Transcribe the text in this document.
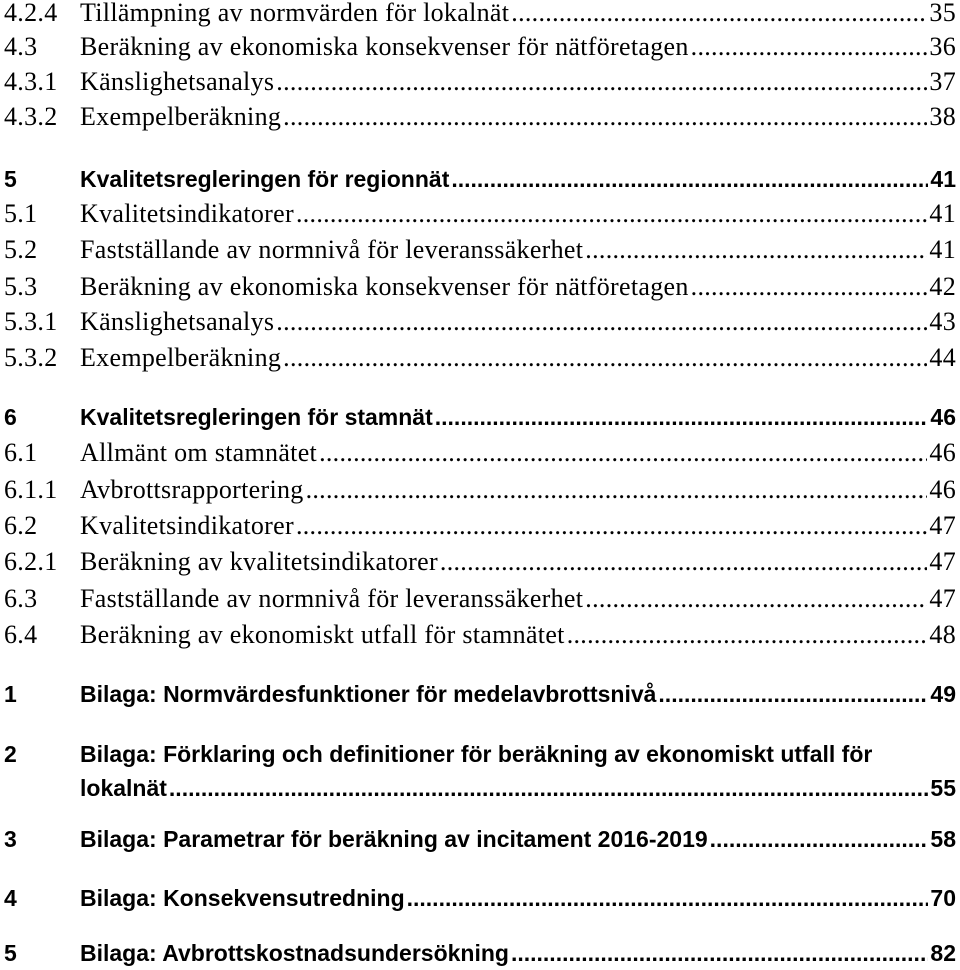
4.2.4 Tillämpning av normvärden för lokalnät .....	35
4.3 Beräkning av ekonomiska konsekvenser för nätföretagen .....	36
4.3.1 Känslighetsanalys .....	37
4.3.2 Exempelberäkning .....	38
5	Kvalitetsregleringen för regionnät .....	41
5.1 Kvalitetsindikatorer .....	41
5.2 Fastställande av normnivå för leveranssäkerhet .....	41
5.3 Beräkning av ekonomiska konsekvenser för nätföretagen .....	42
5.3.1 Känslighetsanalys .....	43
5.3.2 Exempelberäkning .....	44
6	Kvalitetsregleringen för stamnät .....	46
6.1 Allmänt om stamnätet .....	46
6.1.1 Avbrottsrapportering .....	46
6.2 Kvalitetsindikatorer .....	47
6.2.1 Beräkning av kvalitetsindikatorer .....	47
6.3 Fastställande av normnivå för leveranssäkerhet .....	47
6.4 Beräkning av ekonomiskt utfall för stamnätet .....	48
1	Bilaga: Normvärdesfunktioner för medelavbrottsnivå .....	49
2	Bilaga: Förklaring och definitioner för beräkning av ekonomiskt utfall för
lokalnät .....	55
3	Bilaga: Parametrar för beräkning av incitament 2016-2019 .....	58
4	Bilaga: Konsekvensutredning .....	70
5	Bilaga: Avbrottskostnadsundersökning .....	82
